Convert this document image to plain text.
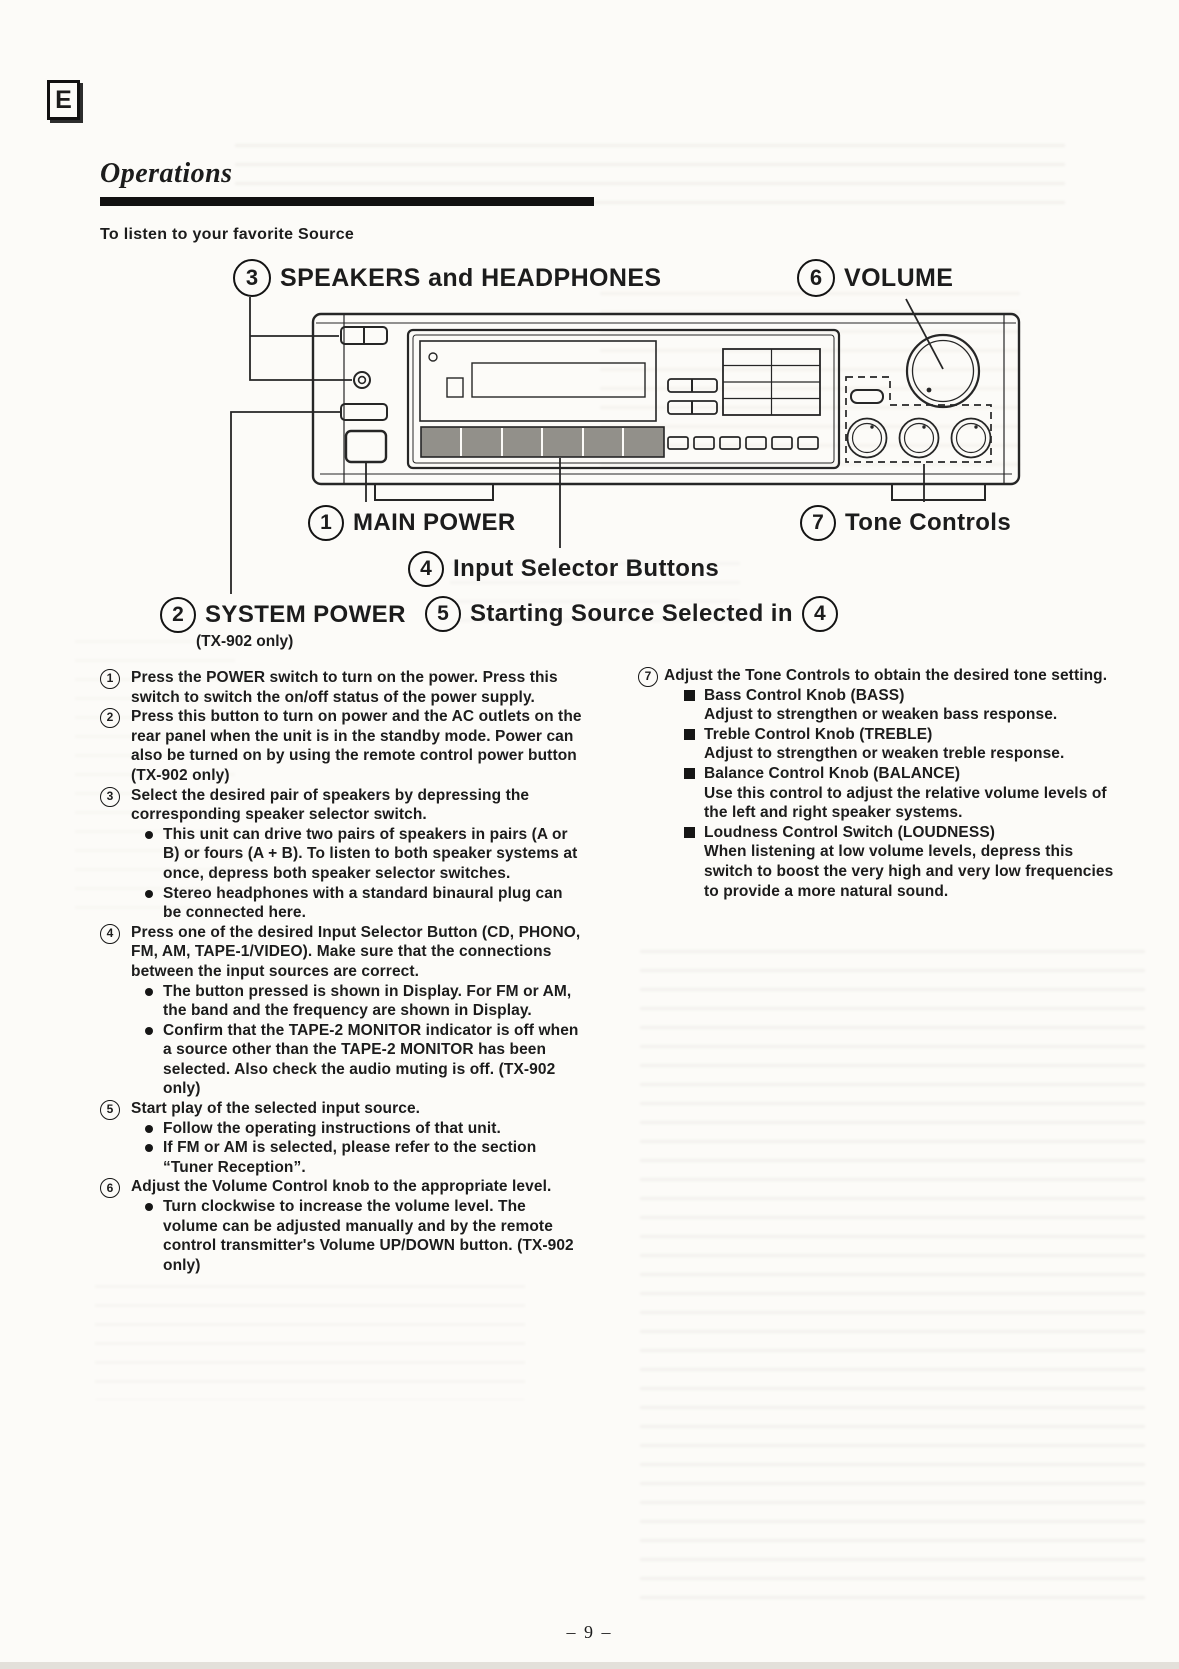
E
Operations
To listen to your favorite Source
3 SPEAKERS and HEADPHONES	6 VOLUME
1 MAIN POWER	7 Tone Controls
4 Input Selector Buttons
2 SYSTEM POWER
(TX-902 only)
5 Starting Source Selected in	4
1	Press the POWER switch to turn on the power. Press this switch to switch the on/off status of the power supply.
2	Press this button to turn on power and the AC outlets on the rear panel when the unit is in the standby mode. Power can also be turned on by using the remote control power button (TX-902 only)
3	Select the desired pair of speakers by depressing the corresponding speaker selector switch.
This unit can drive two pairs of speakers in pairs (A or B) or fours (A + B). To listen to both speaker systems at once, depress both speaker selector switches.
Stereo headphones with a standard binaural plug can be connected here.
4	Press one of the desired Input Selector Button (CD, PHONO, FM, AM, TAPE-1/VIDEO). Make sure that the connections between the input sources are correct.
The button pressed is shown in Display. For FM or AM, the band and the frequency are shown in Display.
Confirm that the TAPE-2 MONITOR indicator is off when a source other than the TAPE-2 MONITOR has been selected. Also check the audio muting is off. (TX-902 only)
5	Start play of the selected input source.
Follow the operating instructions of that unit.
If FM or AM is selected, please refer to the section “Tuner Reception”.
6	Adjust the Volume Control knob to the appropriate level.
Turn clockwise to increase the volume level. The volume can be adjusted manually and by the remote control transmitter's Volume UP/DOWN button. (TX-902 only)
7 Adjust the Tone Controls to obtain the desired tone setting.
Bass Control Knob (BASS)
Adjust to strengthen or weaken bass response.
Treble Control Knob (TREBLE)
Adjust to strengthen or weaken treble response.
Balance Control Knob (BALANCE)
Use this control to adjust the relative volume levels of the left and right speaker systems.
Loudness Control Switch (LOUDNESS)
When listening at low volume levels, depress this switch to boost the very high and very low frequencies to provide a more natural sound.
– 9 –
